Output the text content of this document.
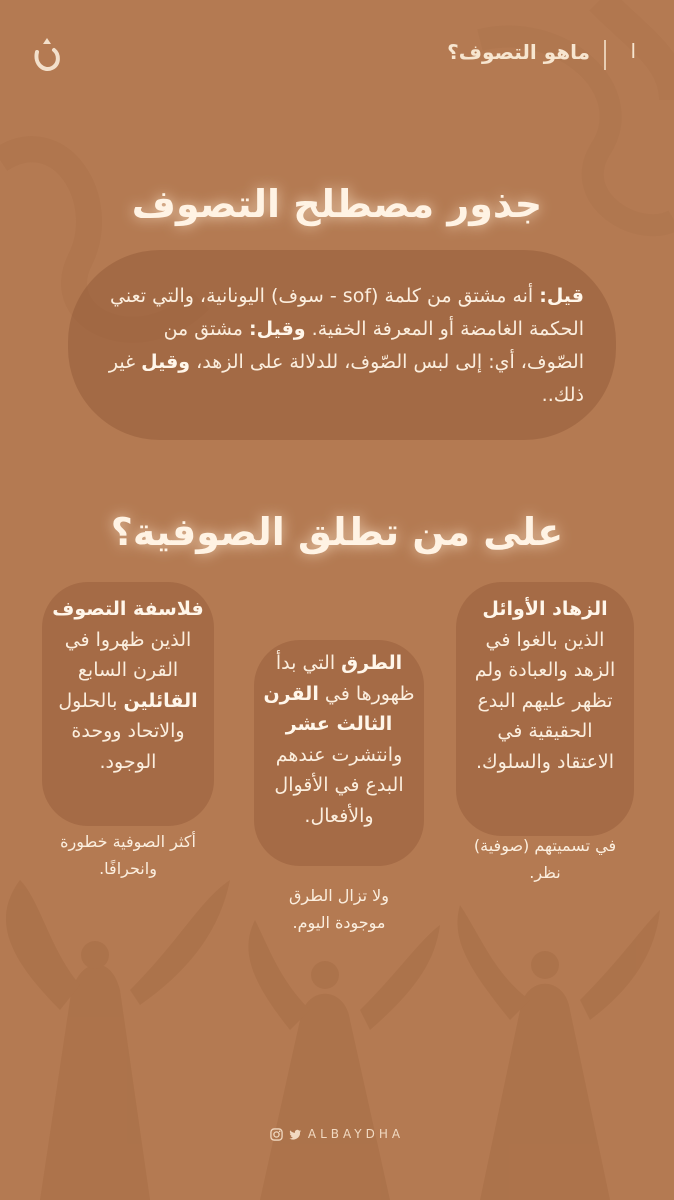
ماهو التصوف؟ ا
جذور مصطلح التصوف
قيل: أنه مشتق من كلمة (sof - سوف) اليونانية، والتي تعني الحكمة الغامضة أو المعرفة الخفية. وقيل: مشتق من الصّوف، أي: إلى لبس الصّوف، للدلالة على الزهد، وقيل غير ذلك..
على من تطلق الصوفية؟
الزهاد الأوائل
الذين بالغوا في الزهد والعبادة ولم تظهر عليهم البدع الحقيقية في الاعتقاد والسلوك.
في تسميتهم (صوفية) نظر.
الطرق التي بدأ ظهورها في القرن الثالث عشر وانتشرت عندهم البدع في الأقوال والأفعال.
ولا تزال الطرق موجودة اليوم.
فلاسفة التصوف
الذين ظهروا في القرن السابع القائلين بالحلول والاتحاد ووحدة الوجود.
أكثر الصوفية خطورة وانحرافًا.
ALBAYDHA
